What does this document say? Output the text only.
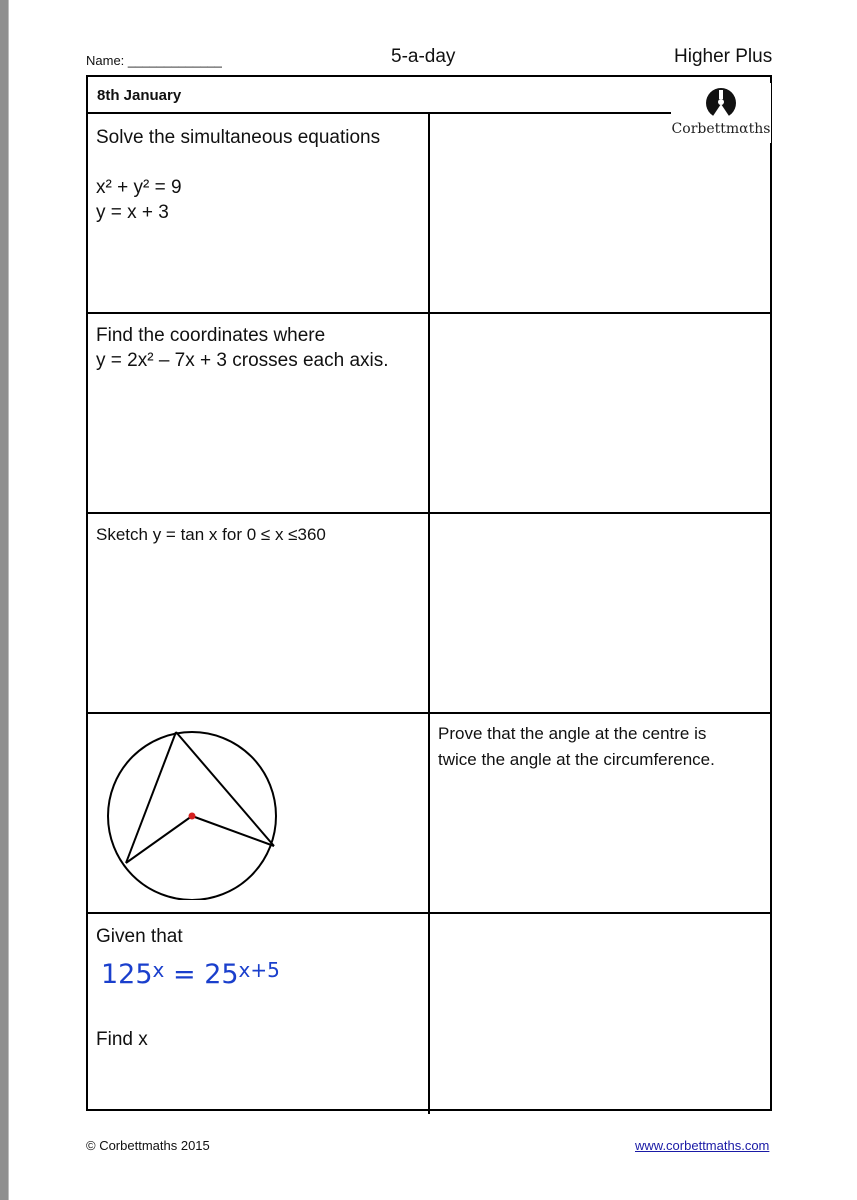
Name: _____________	5-a-day	Higher Plus
8th January
Corbettmαths
Solve the simultaneous equations
x² + y² = 9
y = x + 3
Find the coordinates where
y = 2x² – 7x + 3 crosses each axis.
Sketch y = tan x for 0 ≤ x ≤360
Prove that the angle at the centre is
twice the angle at the circumference.
Given that
$125^x = 25^{x+5}$
Find x
© Corbettmaths 2015	www.corbettmaths.com
